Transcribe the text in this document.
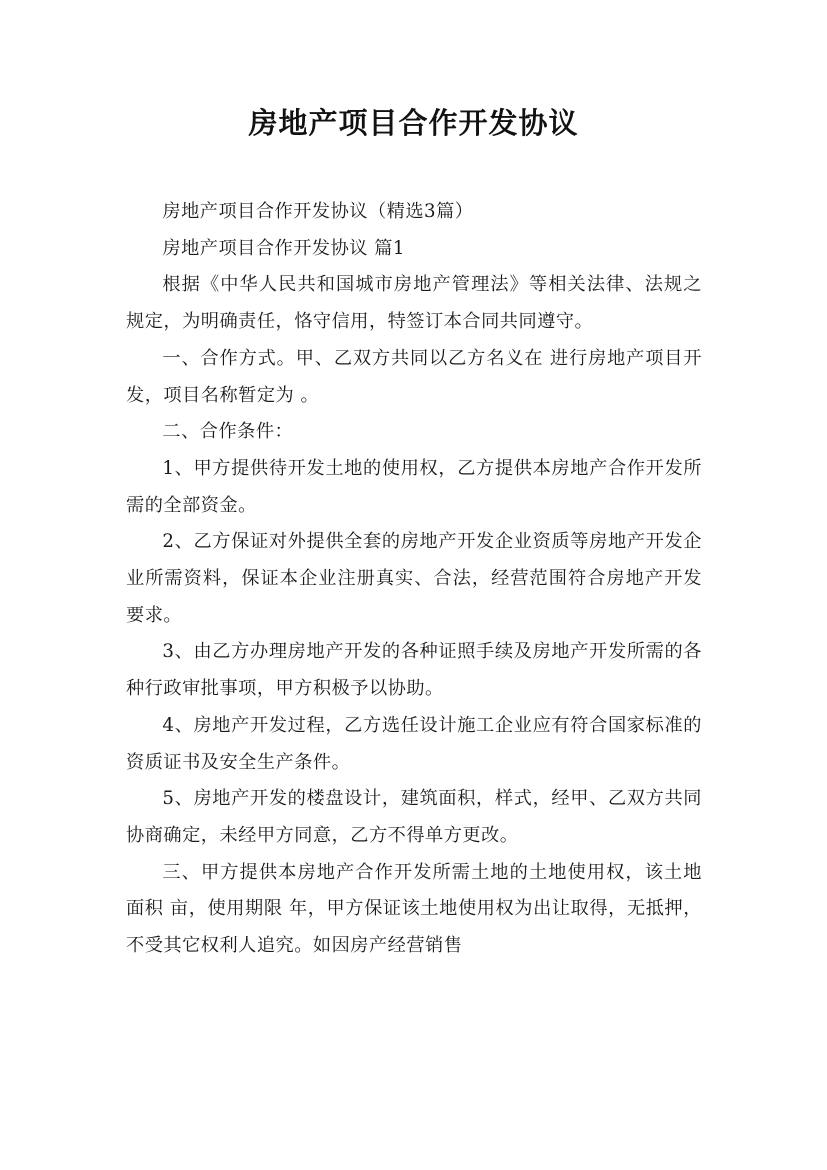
房地产项目合作开发协议

房地产项目合作开发协议（精选3篇）

房地产项目合作开发协议 篇1

根据《中华人民共和国城市房地产管理法》等相关法律、法规之规定，为明确责任，恪守信用，特签订本合同共同遵守。

一、合作方式。甲、乙双方共同以乙方名义在 进行房地产项目开发，项目名称暂定为 。

二、合作条件：

1、甲方提供待开发土地的使用权，乙方提供本房地产合作开发所需的全部资金。

2、乙方保证对外提供全套的房地产开发企业资质等房地产开发企业所需资料，保证本企业注册真实、合法，经营范围符合房地产开发要求。

3、由乙方办理房地产开发的各种证照手续及房地产开发所需的各种行政审批事项，甲方积极予以协助。

4、房地产开发过程，乙方选任设计施工企业应有符合国家标准的资质证书及安全生产条件。

5、房地产开发的楼盘设计，建筑面积，样式，经甲、乙双方共同协商确定，未经甲方同意，乙方不得单方更改。

三、甲方提供本房地产合作开发所需土地的土地使用权，该土地面积 亩，使用期限 年，甲方保证该土地使用权为出让取得，无抵押，不受其它权利人追究。如因房产经营销售
